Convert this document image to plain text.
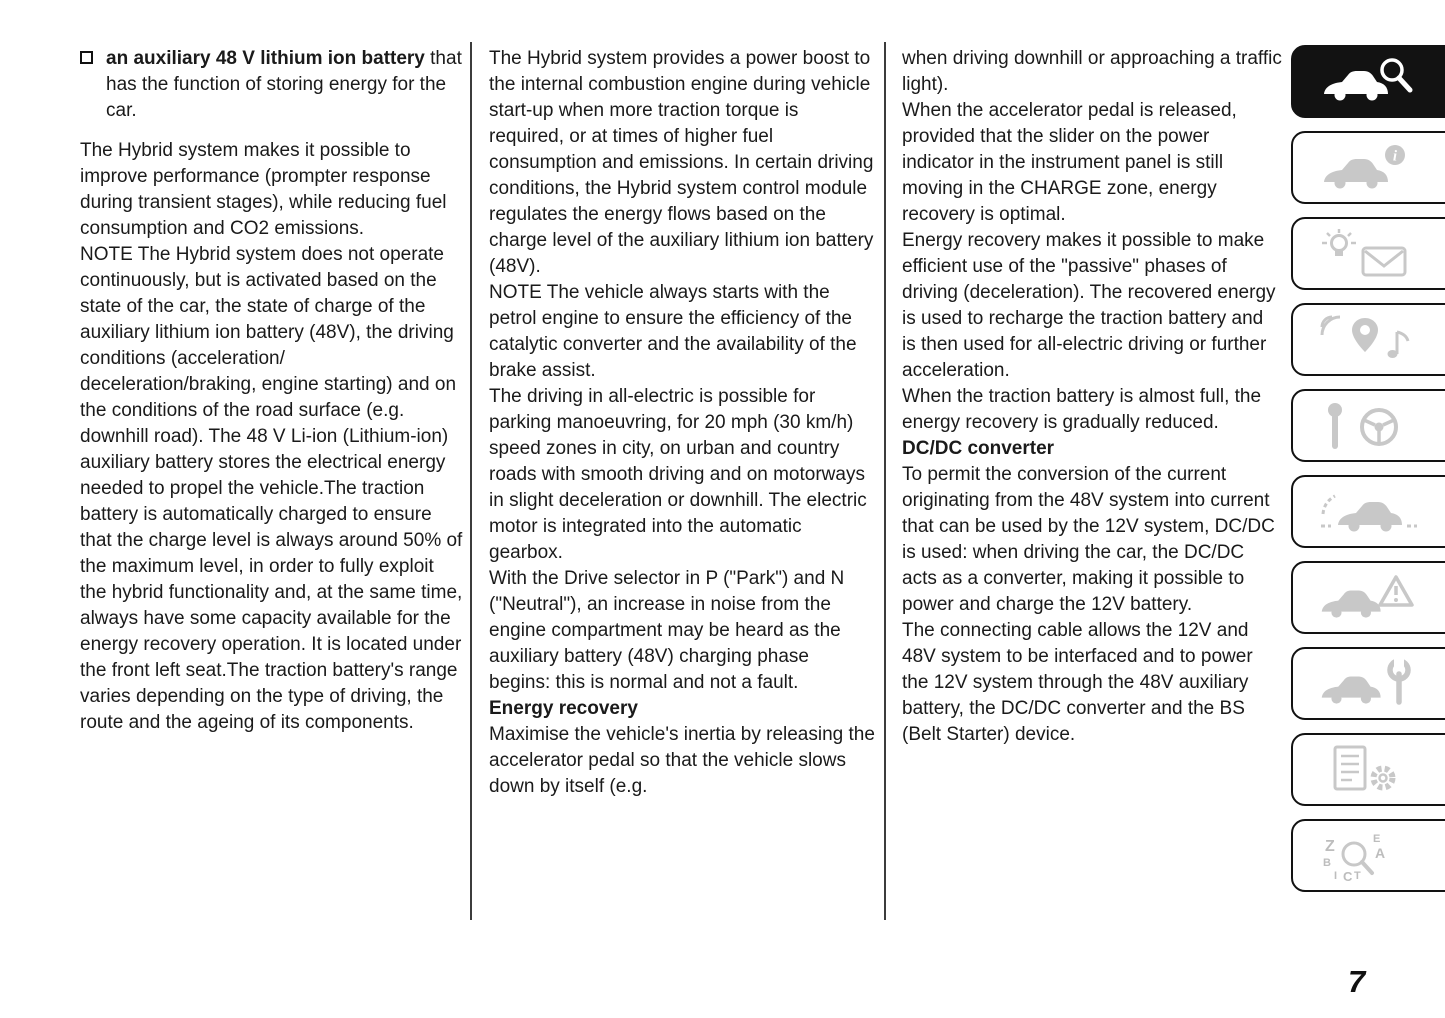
an auxiliary 48 V lithium ion battery that has the function of storing energy for the car.

The Hybrid system makes it possible to improve performance (prompter response during transient stages), while reducing fuel consumption and CO2 emissions.

NOTE The Hybrid system does not operate continuously, but is activated based on the state of the car, the state of charge of the auxiliary lithium ion battery (48V), the driving conditions (acceleration/ deceleration/braking, engine starting) and on the conditions of the road surface (e.g. downhill road). The 48 V Li-ion (Lithium-ion) auxiliary battery stores the electrical energy needed to propel the vehicle.The traction battery is automatically charged to ensure that the charge level is always around 50% of the maximum level, in order to fully exploit the hybrid functionality and, at the same time, always have some capacity available for the energy recovery operation. It is located under the front left seat.The traction battery's range varies depending on the type of driving, the route and the ageing of its components.

The Hybrid system provides a power boost to the internal combustion engine during vehicle start-up when more traction torque is required, or at times of higher fuel consumption and emissions. In certain driving conditions, the Hybrid system control module regulates the energy flows based on the charge level of the auxiliary lithium ion battery (48V).

NOTE The vehicle always starts with the petrol engine to ensure the efficiency of the catalytic converter and the availability of the brake assist.

The driving in all-electric is possible for parking manoeuvring, for 20 mph (30 km/h) speed zones in city, on urban and country roads with smooth driving and on motorways in slight deceleration or downhill. The electric motor is integrated into the automatic gearbox.

With the Drive selector in P ("Park") and N ("Neutral"), an increase in noise from the engine compartment may be heard as the auxiliary battery (48V) charging phase begins: this is normal and not a fault.

Energy recovery

Maximise the vehicle's inertia by releasing the accelerator pedal so that the vehicle slows down by itself (e.g.

when driving downhill or approaching a traffic light).

When the accelerator pedal is released, provided that the slider on the power indicator in the instrument panel is still moving in the CHARGE zone, energy recovery is optimal.

Energy recovery makes it possible to make efficient use of the "passive" phases of driving (deceleration). The recovered energy is used to recharge the traction battery and is then used for all-electric driving or further acceleration.

When the traction battery is almost full, the energy recovery is gradually reduced.

DC/DC converter

To permit the conversion of the current originating from the 48V system into current that can be used by the 12V system, DC/DC is used: when driving the car, the DC/DC acts as a converter, making it possible to power and charge the 12V battery.

The connecting cable allows the 12V and 48V system to be interfaced and to power the 12V system through the 48V auxiliary battery, the DC/DC converter and the BS (Belt Starter) device.

i
Z	E
B
A
I C T
7
